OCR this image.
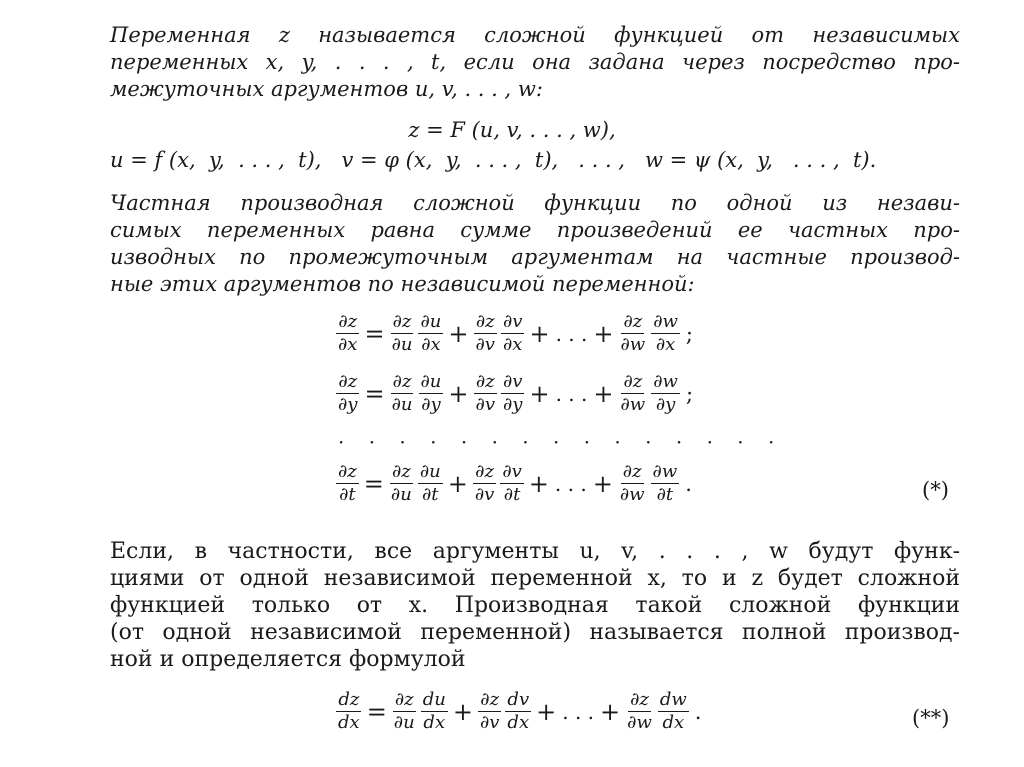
Переменная z называется сложной функцией от независимых
переменных x, y, . . . , t, если она задана через посредство про-
межуточных аргументов u, v, . . . , w:

z = F (u, v, . . . , w),
u = f (x,  y,  . . . ,  t),   v = φ (x,  y,  . . . ,  t),   . . . ,   w = ψ (x,  y,   . . . ,  t).

Частная производная сложной функции по одной из незави-
симых переменных равна сумме произведений ее частных про-
изводных по промежуточным аргументам на частные производ-
ные этих аргументов по независимой переменной:

$\frac{\partial z}{\partial x} = \frac{\partial z}{\partial u} \frac{\partial u}{\partial x} + \frac{\partial z}{\partial v} \frac{\partial v}{\partial x}$ + . . . + $\frac{\partial z}{\partial w} \frac{\partial w}{\partial x}$ ;
$\frac{\partial z}{\partial y} = \frac{\partial z}{\partial u} \frac{\partial u}{\partial y} + \frac{\partial z}{\partial v} \frac{\partial v}{\partial y}$ + . . . + $\frac{\partial z}{\partial w} \frac{\partial w}{\partial y}$ ;
· · · · · · · · · · · · · · ·
$\frac{\partial z}{\partial t} = \frac{\partial z}{\partial u} \frac{\partial u}{\partial t} + \frac{\partial z}{\partial v} \frac{\partial v}{\partial t}$ + . . . + $\frac{\partial z}{\partial w} \frac{\partial w}{\partial t}$ .	(*)

Если, в частности, все аргументы u, v, . . . , w будут функ-
циями от одной независимой переменной x, то и z будет сложной
функцией только от x. Производная такой сложной функции
(от одной независимой переменной) называется полной производ-
ной и определяется формулой

$\frac{dz}{dx} = \frac{\partial z}{\partial u} \frac{du}{dx} + \frac{\partial z}{\partial v} \frac{dv}{dx}$ + . . . + $\frac{\partial z}{\partial w} \frac{dw}{dx}$ .	(**)
